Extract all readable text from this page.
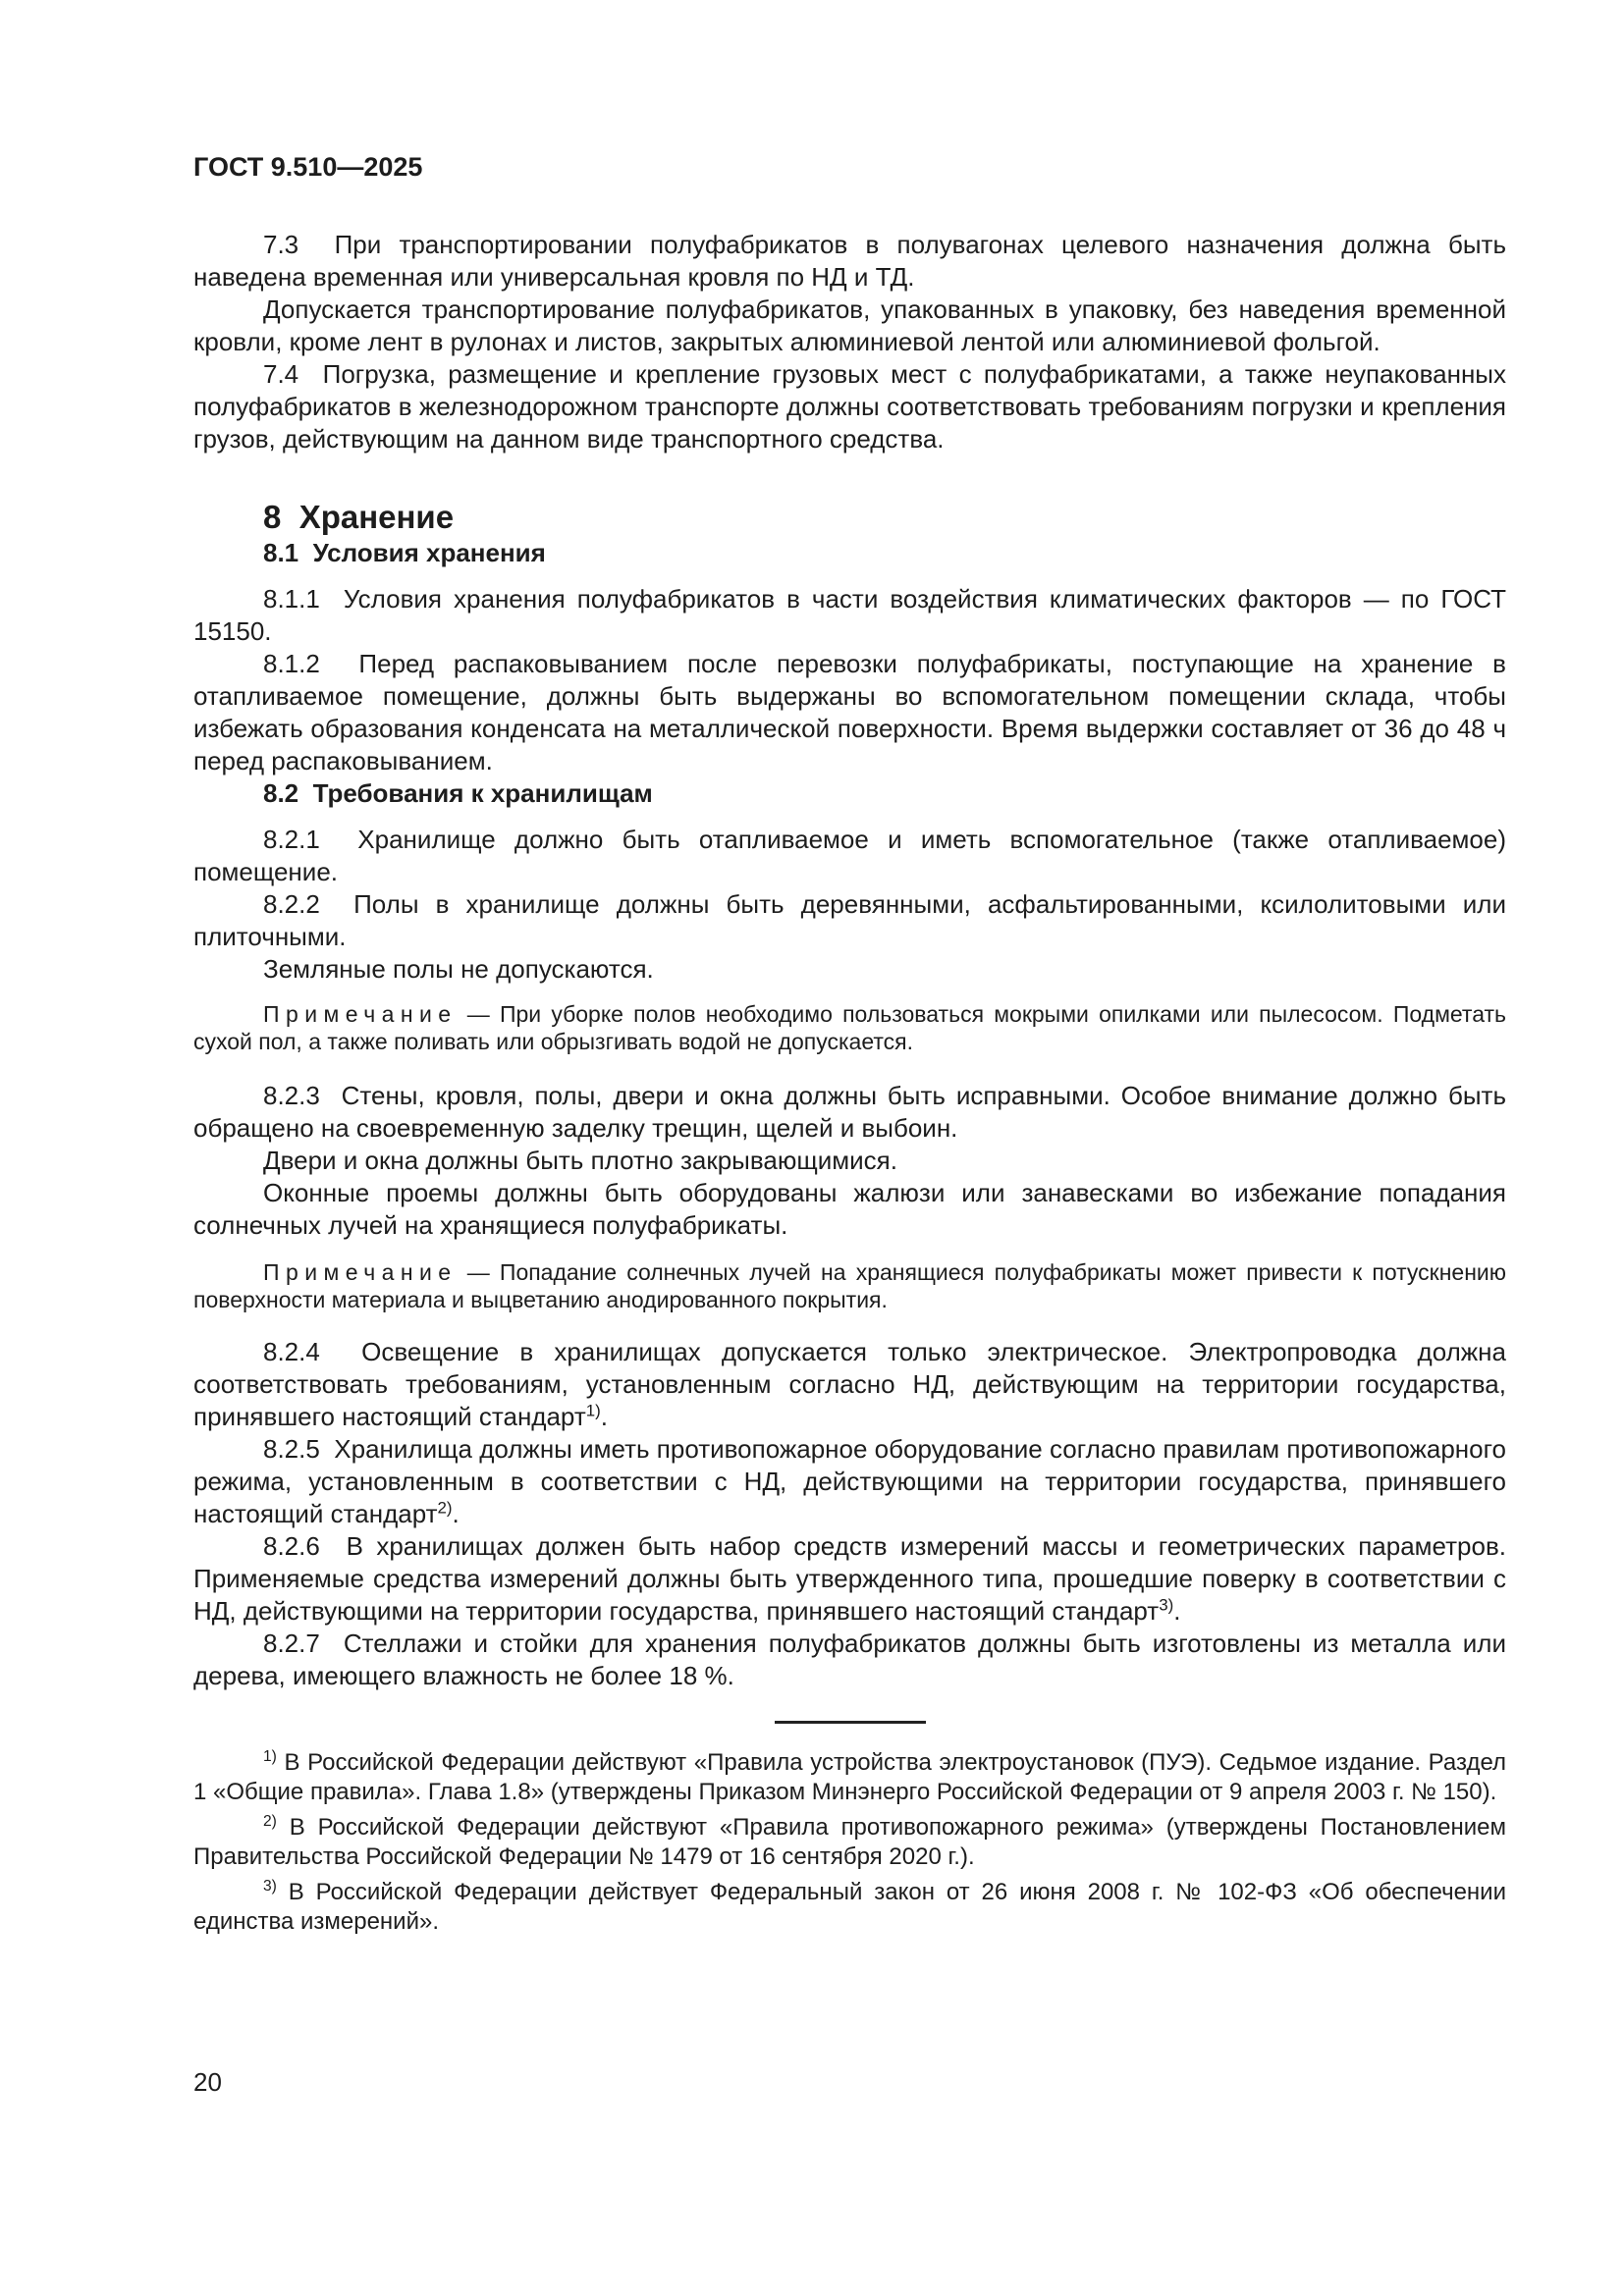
ГОСТ 9.510—2025

7.3  При транспортировании полуфабрикатов в полувагонах целевого назначения должна быть наведена временная или универсальная кровля по НД и ТД.

Допускается транспортирование полуфабрикатов, упакованных в упаковку, без наведения временной кровли, кроме лент в рулонах и листов, закрытых алюминиевой лентой или алюминиевой фольгой.

7.4  Погрузка, размещение и крепление грузовых мест с полуфабрикатами, а также неупакованных полуфабрикатов в железнодорожном транспорте должны соответствовать требованиям погрузки и крепления грузов, действующим на данном виде транспортного средства.

8  Хранение
8.1  Условия хранения

8.1.1  Условия хранения полуфабрикатов в части воздействия климатических факторов — по ГОСТ 15150.

8.1.2  Перед распаковыванием после перевозки полуфабрикаты, поступающие на хранение в отапливаемое помещение, должны быть выдержаны во вспомогательном помещении склада, чтобы избежать образования конденсата на металлической поверхности. Время выдержки составляет от 36 до 48 ч перед распаковыванием.

8.2  Требования к хранилищам

8.2.1  Хранилище должно быть отапливаемое и иметь вспомогательное (также отапливаемое) помещение.

8.2.2  Полы в хранилище должны быть деревянными, асфальтированными, ксилолитовыми или плиточными.

Земляные полы не допускаются.

Примечание — При уборке полов необходимо пользоваться мокрыми опилками или пылесосом. Подметать сухой пол, а также поливать или обрызгивать водой не допускается.

8.2.3  Стены, кровля, полы, двери и окна должны быть исправными. Особое внимание должно быть обращено на своевременную заделку трещин, щелей и выбоин.

Двери и окна должны быть плотно закрывающимися.

Оконные проемы должны быть оборудованы жалюзи или занавесками во избежание попадания солнечных лучей на хранящиеся полуфабрикаты.

Примечание — Попадание солнечных лучей на хранящиеся полуфабрикаты может привести к потускнению поверхности материала и выцветанию анодированного покрытия.

8.2.4  Освещение в хранилищах допускается только электрическое. Электропроводка должна соответствовать требованиям, установленным согласно НД, действующим на территории государства, принявшего настоящий стандарт$^{1)}$.

8.2.5  Хранилища должны иметь противопожарное оборудование согласно правилам противопожарного режима, установленным в соответствии с НД, действующими на территории государства, принявшего настоящий стандарт$^{2)}$.

8.2.6  В хранилищах должен быть набор средств измерений массы и геометрических параметров. Применяемые средства измерений должны быть утвержденного типа, прошедшие поверку в соответствии с НД, действующими на территории государства, принявшего настоящий стандарт$^{3)}$.

8.2.7  Стеллажи и стойки для хранения полуфабрикатов должны быть изготовлены из металла или дерева, имеющего влажность не более 18 %.

$^{1)}$ В Российской Федерации действуют «Правила устройства электроустановок (ПУЭ). Седьмое издание. Раздел 1 «Общие правила». Глава 1.8» (утверждены Приказом Минэнерго Российской Федерации от 9 апреля 2003 г. № 150).

$^{2)}$ В Российской Федерации действуют «Правила противопожарного режима» (утверждены Постановлением Правительства Российской Федерации № 1479 от 16 сентября 2020 г.).

$^{3)}$ В Российской Федерации действует Федеральный закон от 26 июня 2008 г. № 102-ФЗ «Об обеспечении единства измерений».

20
